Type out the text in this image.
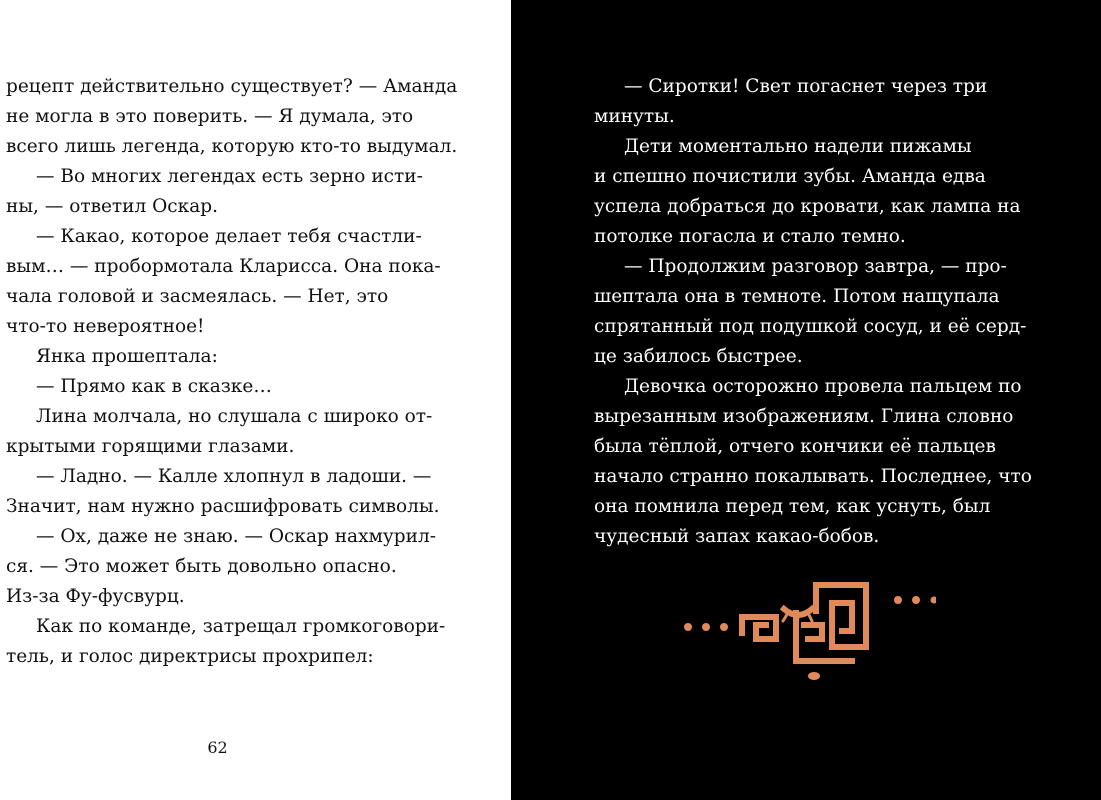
рецепт действительно существует? — Аманда
не могла в это поверить. — Я думала, это
всего лишь легенда, которую кто-то выдумал.
— Во многих легендах есть зерно исти-
ны, — ответил Оскар.
— Какао, которое делает тебя счастли-
вым… — пробормотала Кларисса. Она пока-
чала головой и засмеялась. — Нет, это
что-то невероятное!
Янка прошептала:
— Прямо как в сказке…
Лина молчала, но слушала с широко от-
крытыми горящими глазами.
— Ладно. — Калле хлопнул в ладоши. —
Значит, нам нужно расшифровать символы.
— Ох, даже не знаю. — Оскар нахмурил-
ся. — Это может быть довольно опасно.
Из-за Фу-фусвурц.
Как по команде, затрещал громкоговори-
тель, и голос директрисы прохрипел:
62
— Сиротки! Свет погаснет через три
минуты.
Дети моментально надели пижамы
и спешно почистили зубы. Аманда едва
успела добраться до кровати, как лампа на
потолке погасла и стало темно.
— Продолжим разговор завтра, — про-
шептала она в темноте. Потом нащупала
спрятанный под подушкой сосуд, и её серд-
це забилось быстрее.
Девочка осторожно провела пальцем по
вырезанным изображениям. Глина словно
была тёплой, отчего кончики её пальцев
начало странно покалывать. Последнее, что
она помнила перед тем, как уснуть, был
чудесный запах какао-бобов.
